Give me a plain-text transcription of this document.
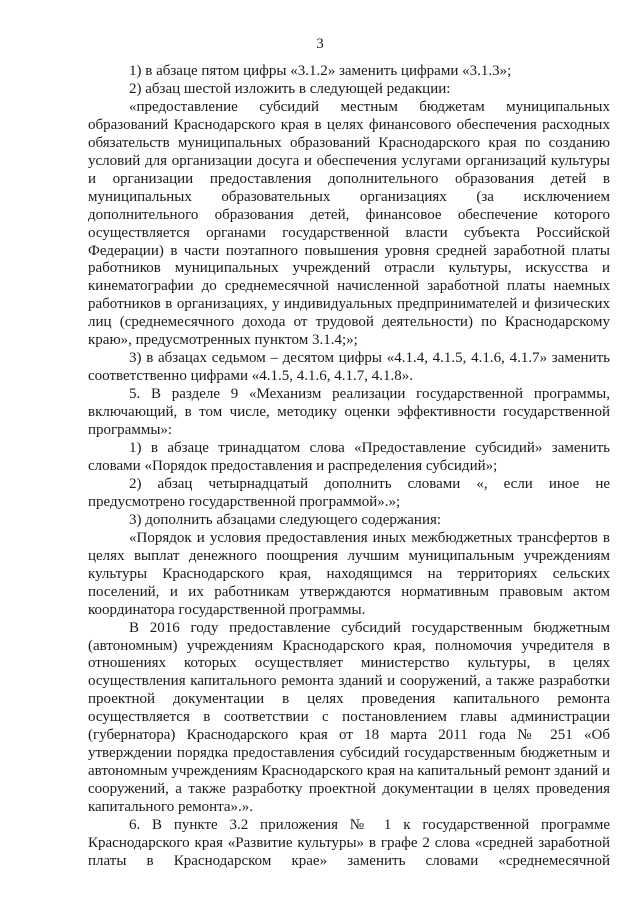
3

1) в абзаце пятом цифры «3.1.2» заменить цифрами «3.1.3»;

2) абзац шестой изложить в следующей редакции:

«предоставление субсидий местным бюджетам муниципальных образований Краснодарского края в целях финансового обеспечения расходных обязательств муниципальных образований Краснодарского края по созданию условий для организации досуга и обеспечения услугами организаций культуры и организации предоставления дополнительного образования детей в муниципальных образовательных организациях (за исключением дополнительного образования детей, финансовое обеспечение которого осуществляется органами государственной власти субъекта Российской Федерации) в части поэтапного повышения уровня средней заработной платы работников муниципальных учреждений отрасли культуры, искусства и кинематографии до среднемесячной начисленной заработной платы наемных работников в организациях, у индивидуальных предпринимателей и физических лиц (среднемесячного дохода от трудовой деятельности) по Краснодарскому краю», предусмотренных пунктом 3.1.4;»;

3) в абзацах седьмом – десятом цифры «4.1.4, 4.1.5, 4.1.6, 4.1.7» заменить соответственно цифрами «4.1.5, 4.1.6, 4.1.7, 4.1.8».

5. В разделе 9 «Механизм реализации государственной программы, включающий, в том числе, методику оценки эффективности государственной программы»:

1) в абзаце тринадцатом слова «Предоставление субсидий» заменить словами «Порядок предоставления и распределения субсидий»;

2) абзац четырнадцатый дополнить словами «, если иное не предусмотрено государственной программой».»;

3) дополнить абзацами следующего содержания:

«Порядок и условия предоставления иных межбюджетных трансфертов в целях выплат денежного поощрения лучшим муниципальным учреждениям культуры Краснодарского края, находящимся на территориях сельских поселений, и их работникам утверждаются нормативным правовым актом координатора государственной программы.

В 2016 году предоставление субсидий государственным бюджетным (автономным) учреждениям Краснодарского края, полномочия учредителя в отношениях которых осуществляет министерство культуры, в целях осуществления капитального ремонта зданий и сооружений, а также разработки проектной документации в целях проведения капитального ремонта осуществляется в соответствии с постановлением главы администрации (губернатора) Краснодарского края от 18 марта 2011 года № 251 «Об утверждении порядка предоставления субсидий государственным бюджетным и автономным учреждениям Краснодарского края на капитальный ремонт зданий и сооружений, а также разработку проектной документации в целях проведения капитального ремонта».».

6. В пункте 3.2 приложения № 1 к государственной программе Краснодарского края «Развитие культуры» в графе 2 слова «средней заработной платы в Краснодарском крае» заменить словами «среднемесячной
